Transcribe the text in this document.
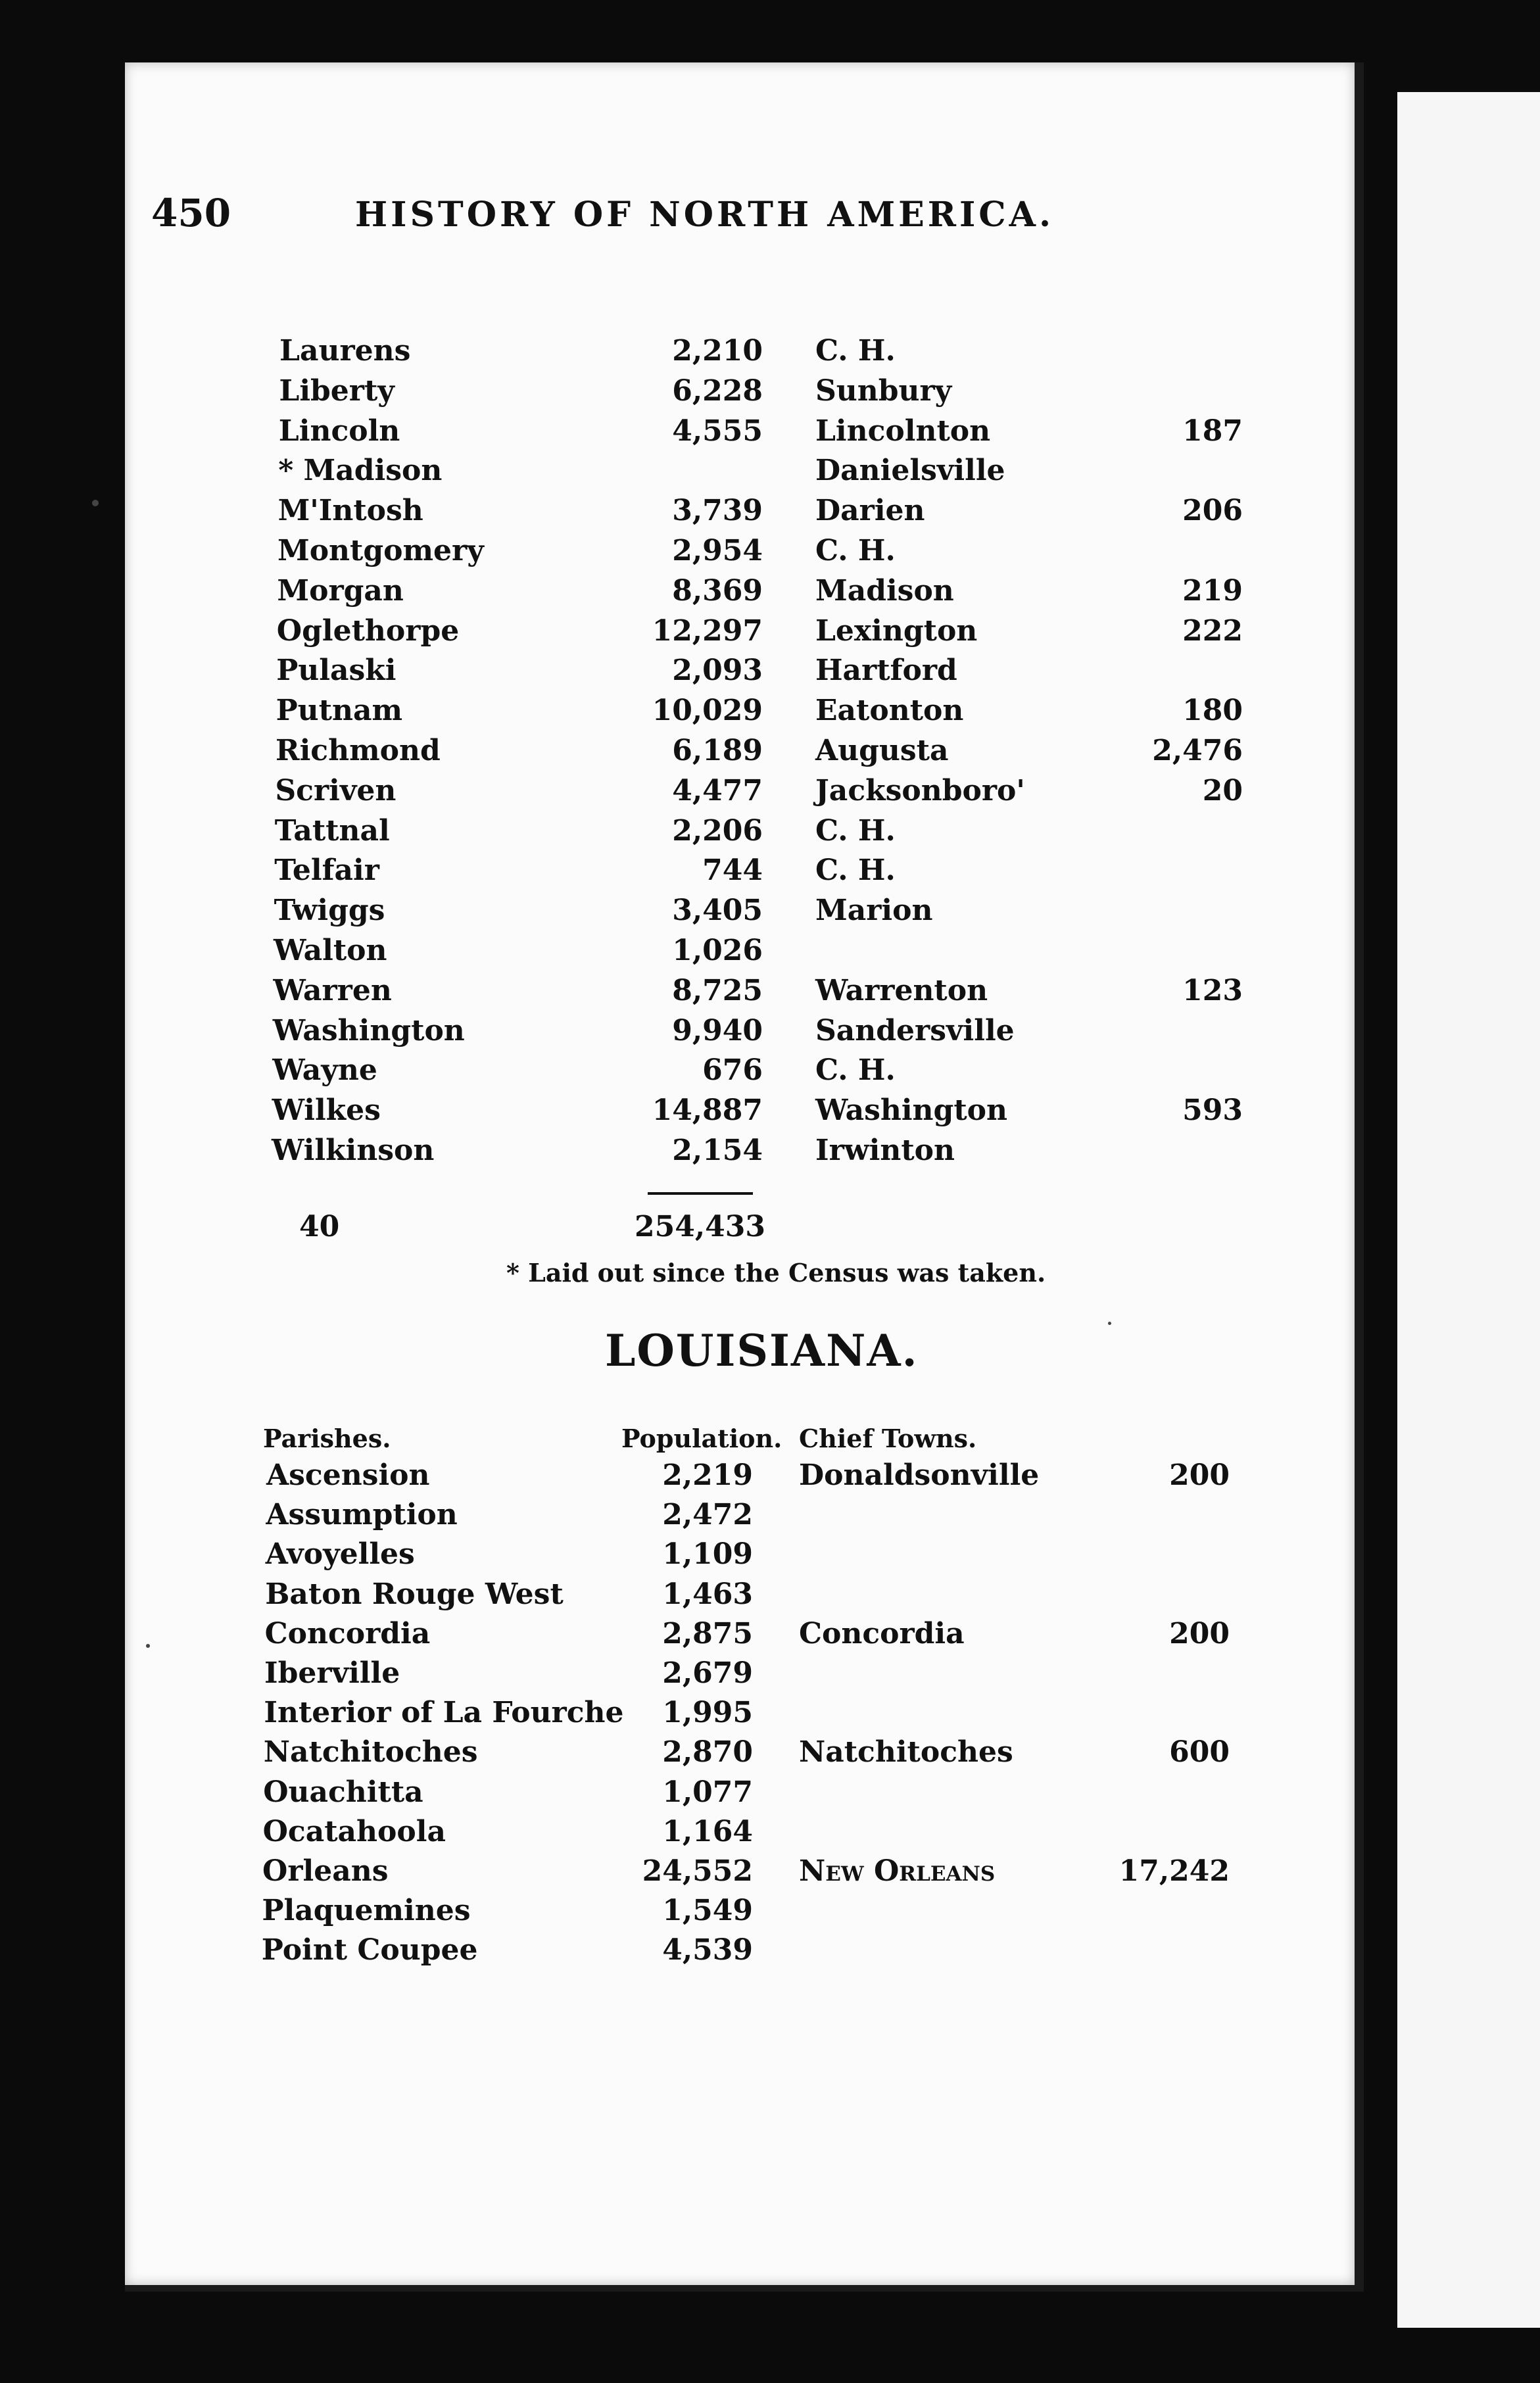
450	HISTORY OF NORTH AMERICA.
Laurens	2,210 C. H.
Liberty	6,228 Sunbury
Lincoln	4,555 Lincolnton	187
* Madison	Danielsville
M'Intosh	3,739 Darien	206
Montgomery	2,954 C. H.
Morgan	8,369 Madison	219
Oglethorpe	12,297 Lexington	222
Pulaski	2,093 Hartford
Putnam	10,029 Eatonton	180
Richmond	6,189 Augusta	2,476
Scriven	4,477 Jacksonboro'	20
Tattnal	2,206 C. H.
Telfair	744 C. H.
Twiggs	3,405 Marion
Walton	1,026
Warren	8,725 Warrenton	123
Washington	9,940 Sandersville
Wayne	676 C. H.
Wilkes	14,887 Washington	593
Wilkinson	2,154 Irwinton
40	254,433
* Laid out since the Census was taken.
LOUISIANA.
Parishes.	Population. Chief Towns.
Ascension	2,219 Donaldsonville	200
Assumption	2,472
Avoyelles	1,109
Baton Rouge West	1,463
Concordia	2,875 Concordia	200
Iberville	2,679
Interior of La Fourche 1,995
Natchitoches	2,870 Natchitoches	600
Ouachitta	1,077
Ocatahoola	1,164
Orleans	24,552 New Orleans	17,242
Plaquemines	1,549
Point Coupee	4,539
